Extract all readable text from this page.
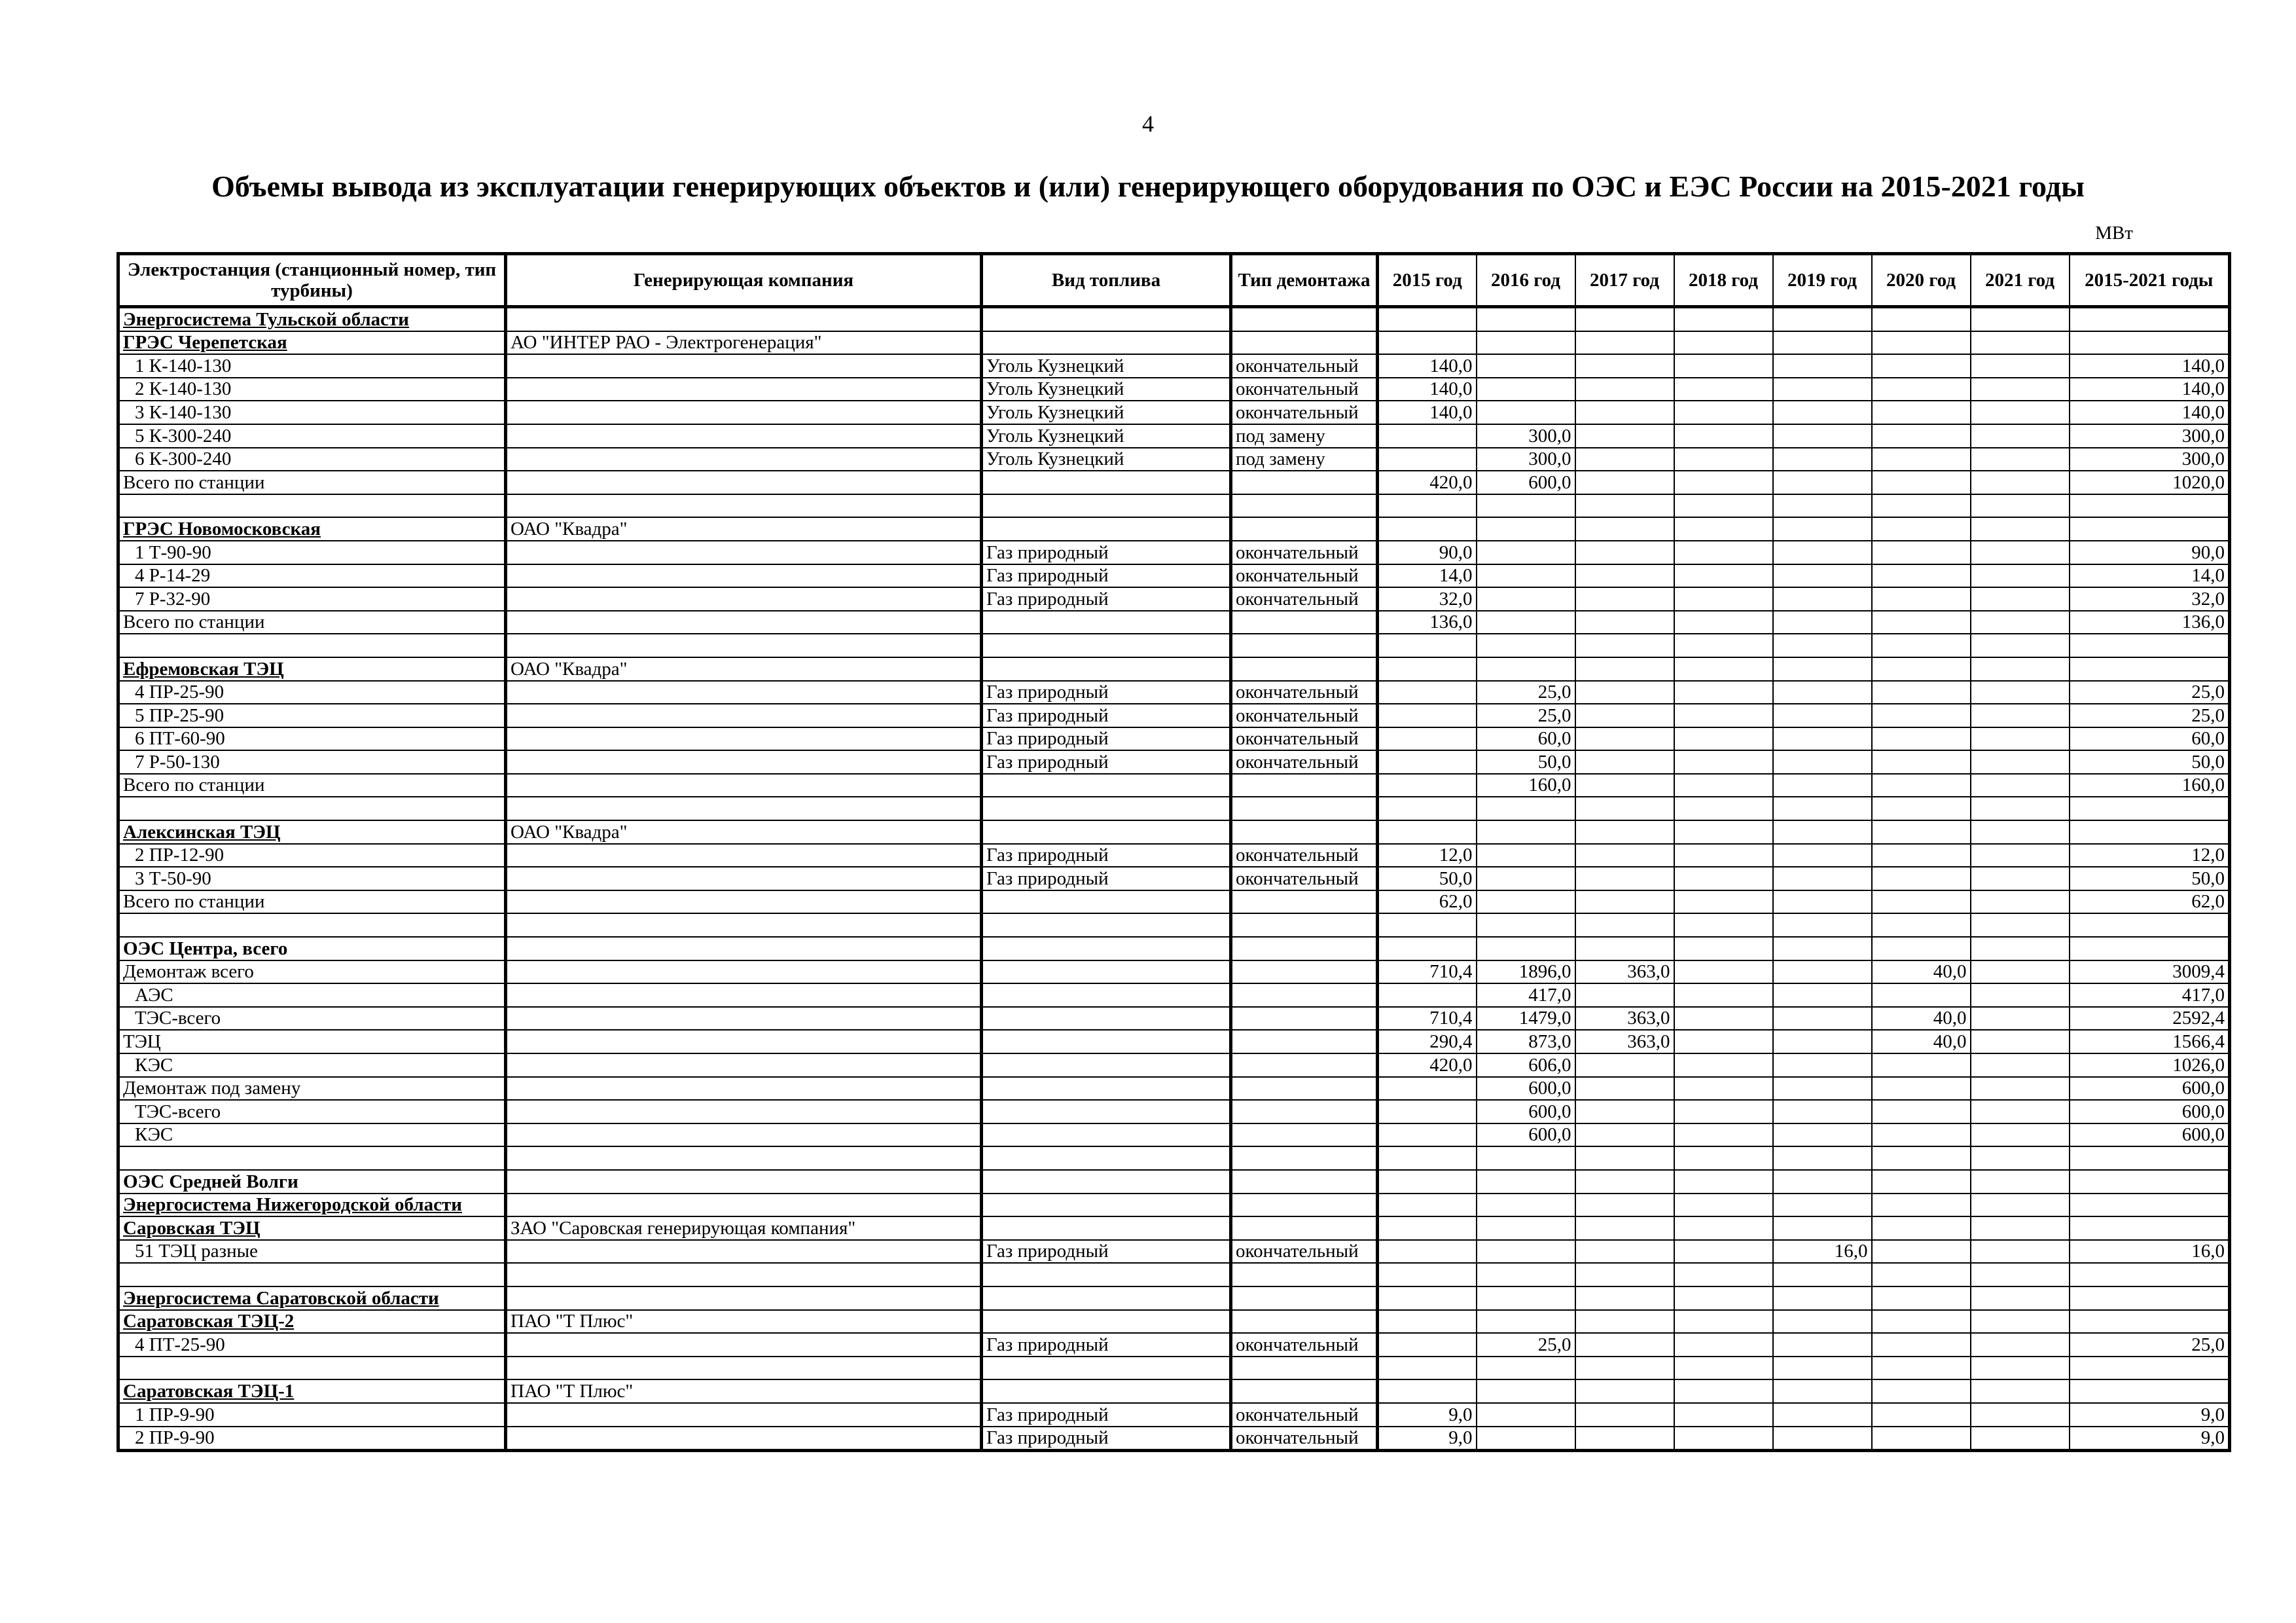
4
Объемы вывода из эксплуатации генерирующих объектов и (или) генерирующего оборудования по ОЭС и ЕЭС России на 2015-2021 годы
МВт
Электростанция (станционный номер, тип турбины)	Генерирующая компания	Вид топлива	Тип демонтажа	2015 год	2016 год	2017 год	2018 год	2019 год	2020 год	2021 год	2015-2021 годы
Энергосистема Тульской области											
ГРЭС Черепетская	АО "ИНТЕР РАО - Электрогенерация"										
1 К-140-130		Уголь Кузнецкий	окончательный	140,0							140,0
2 К-140-130		Уголь Кузнецкий	окончательный	140,0							140,0
3 К-140-130		Уголь Кузнецкий	окончательный	140,0							140,0
5 К-300-240		Уголь Кузнецкий	под замену		300,0						300,0
6 К-300-240		Уголь Кузнецкий	под замену		300,0						300,0
Всего по станции				420,0	600,0						1020,0

ГРЭС Новомосковская	ОАО "Квадра"										
1 Т-90-90		Газ природный	окончательный	90,0							90,0
4 Р-14-29		Газ природный	окончательный	14,0							14,0
7 Р-32-90		Газ природный	окончательный	32,0							32,0
Всего по станции				136,0							136,0

Ефремовская ТЭЦ	ОАО "Квадра"										
4 ПР-25-90		Газ природный	окончательный		25,0						25,0
5 ПР-25-90		Газ природный	окончательный		25,0						25,0
6 ПТ-60-90		Газ природный	окончательный		60,0						60,0
7 Р-50-130		Газ природный	окончательный		50,0						50,0
Всего по станции					160,0						160,0

Алексинская ТЭЦ	ОАО "Квадра"										
2 ПР-12-90		Газ природный	окончательный	12,0							12,0
3 Т-50-90		Газ природный	окончательный	50,0							50,0
Всего по станции				62,0							62,0

ОЭС Центра, всего											
Демонтаж всего				710,4	1896,0	363,0			40,0		3009,4
АЭС					417,0						417,0
ТЭС-всего				710,4	1479,0	363,0			40,0		2592,4
ТЭЦ				290,4	873,0	363,0			40,0		1566,4
КЭС				420,0	606,0						1026,0
Демонтаж под замену					600,0						600,0
ТЭС-всего					600,0						600,0
КЭС					600,0						600,0

ОЭС Средней Волги											
Энергосистема Нижегородской области											
Саровская ТЭЦ	ЗАО "Саровская генерирующая компания"										
51 ТЭЦ разные		Газ природный	окончательный					16,0			16,0

Энергосистема Саратовской области											
Саратовская ТЭЦ-2	ПАО "Т Плюс"										
4 ПТ-25-90		Газ природный	окончательный		25,0						25,0

Саратовская ТЭЦ-1	ПАО "Т Плюс"										
1 ПР-9-90		Газ природный	окончательный	9,0							9,0
2 ПР-9-90		Газ природный	окончательный	9,0							9,0
